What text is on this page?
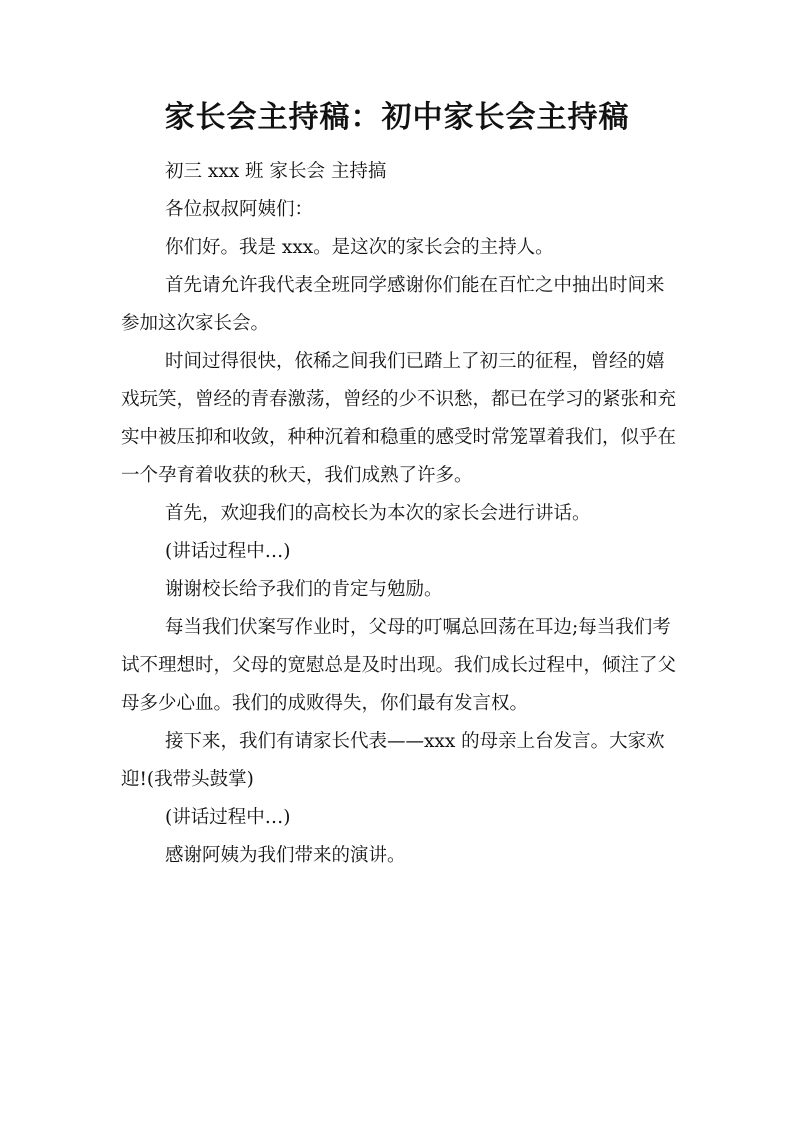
家长会主持稿：初中家长会主持稿

初三 xxx 班 家长会 主持搞

各位叔叔阿姨们：

你们好。我是 xxx。是这次的家长会的主持人。

首先请允许我代表全班同学感谢你们能在百忙之中抽出时间来参加这次家长会。

时间过得很快，依稀之间我们已踏上了初三的征程，曾经的嬉戏玩笑，曾经的青春激荡，曾经的少不识愁，都已在学习的紧张和充实中被压抑和收敛，种种沉着和稳重的感受时常笼罩着我们，似乎在一个孕育着收获的秋天，我们成熟了许多。

首先，欢迎我们的高校长为本次的家长会进行讲话。

(讲话过程中…)

谢谢校长给予我们的肯定与勉励。

每当我们伏案写作业时，父母的叮嘱总回荡在耳边;每当我们考试不理想时，父母的宽慰总是及时出现。我们成长过程中，倾注了父母多少心血。我们的成败得失，你们最有发言权。

接下来，我们有请家长代表——xxx 的母亲上台发言。大家欢迎!(我带头鼓掌)

(讲话过程中…)

感谢阿姨为我们带来的演讲。
